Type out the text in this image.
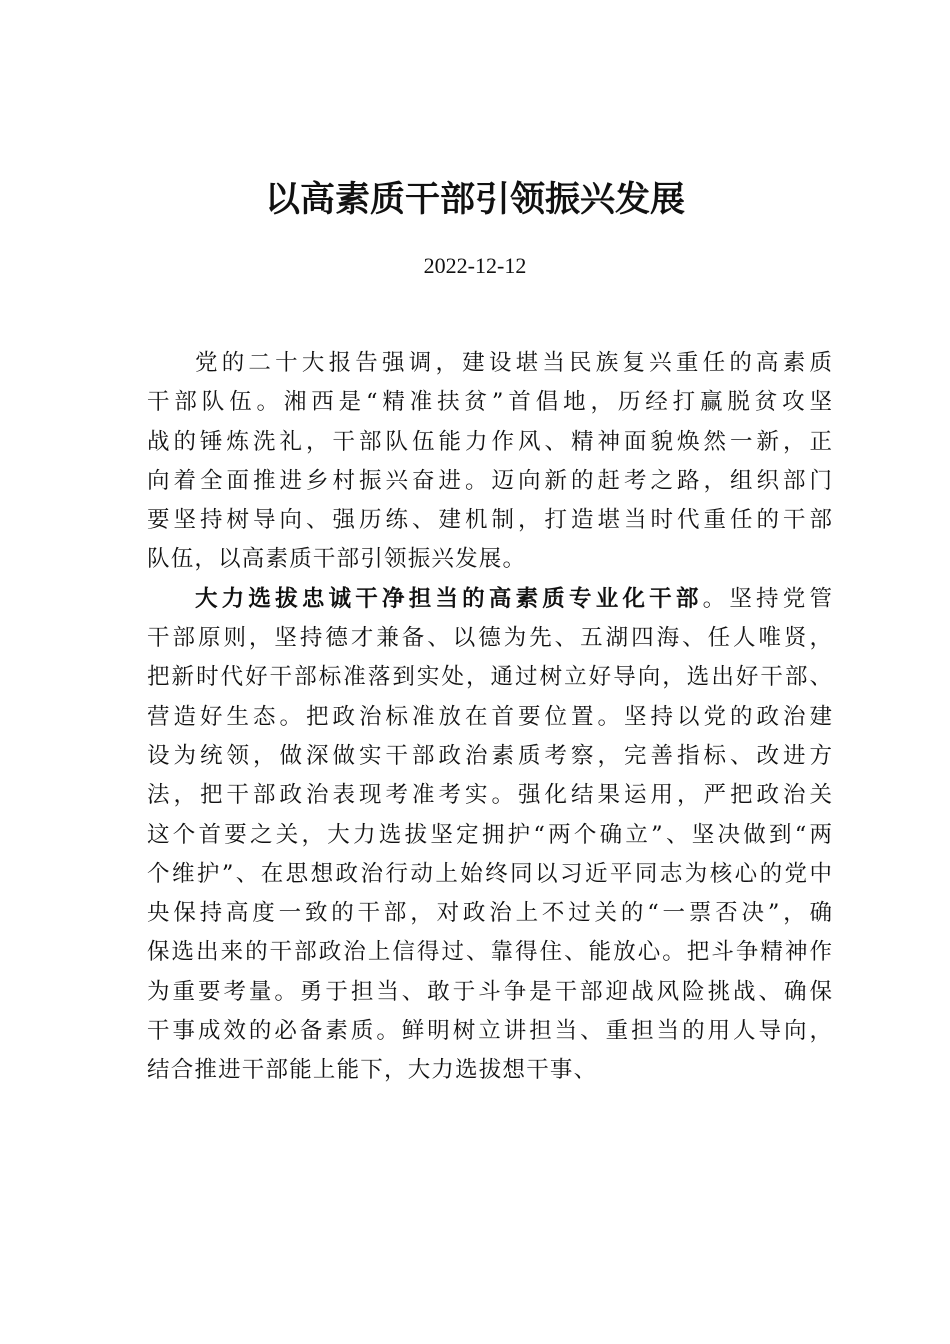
以高素质干部引领振兴发展
2022-12-12
党的二十大报告强调，建设堪当民族复兴重任的高素质
干部队伍。湘西是“精准扶贫”首倡地，历经打赢脱贫攻坚
战的锤炼洗礼，干部队伍能力作风、精神面貌焕然一新，正
向着全面推进乡村振兴奋进。迈向新的赶考之路，组织部门
要坚持树导向、强历练、建机制，打造堪当时代重任的干部
队伍，以高素质干部引领振兴发展。
大力选拔忠诚干净担当的高素质专业化干部。坚持党管
干部原则，坚持德才兼备、以德为先、五湖四海、任人唯贤，
把新时代好干部标准落到实处，通过树立好导向，选出好干部、
营造好生态。把政治标准放在首要位置。坚持以党的政治建
设为统领，做深做实干部政治素质考察，完善指标、改进方
法，把干部政治表现考准考实。强化结果运用，严把政治关
这个首要之关，大力选拔坚定拥护“两个确立”、坚决做到“两
个维护”、在思想政治行动上始终同以习近平同志为核心的党中
央保持高度一致的干部，对政治上不过关的“一票否决”，确
保选出来的干部政治上信得过、靠得住、能放心。把斗争精神作
为重要考量。勇于担当、敢于斗争是干部迎战风险挑战、确保
干事成效的必备素质。鲜明树立讲担当、重担当的用人导向，
结合推进干部能上能下，大力选拔想干事、
